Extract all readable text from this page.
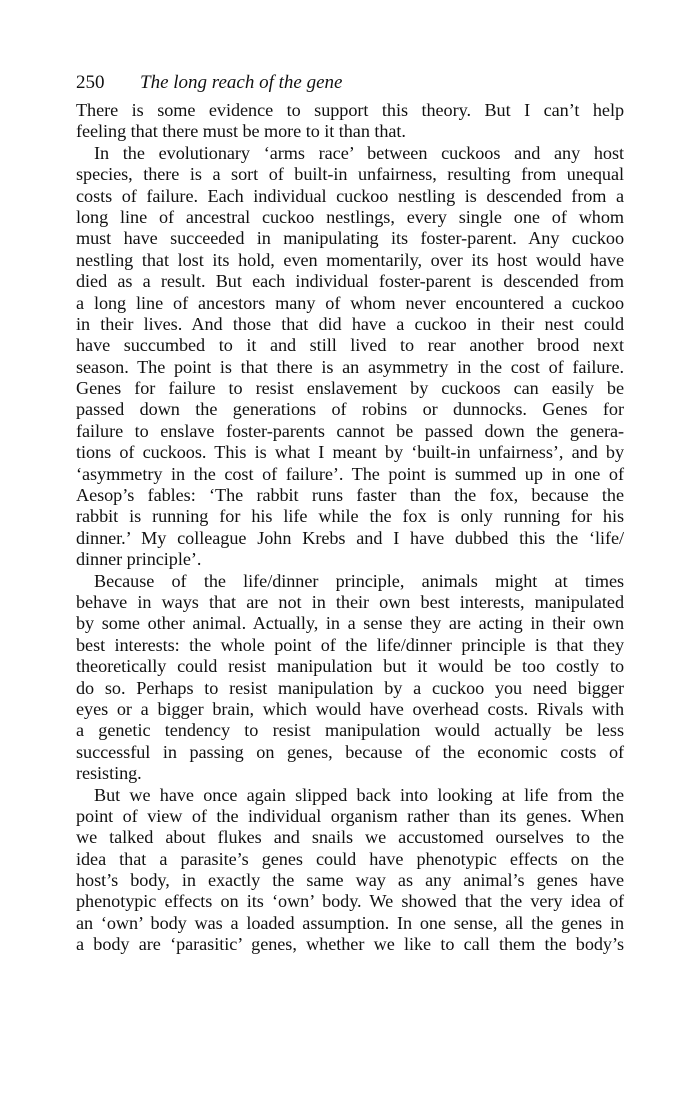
250 The long reach of the gene
There is some evidence to support this theory. But I can’t help
feeling that there must be more to it than that.
In the evolutionary ‘arms race’ between cuckoos and any host
species, there is a sort of built-in unfairness, resulting from unequal
costs of failure. Each individual cuckoo nestling is descended from a
long line of ancestral cuckoo nestlings, every single one of whom
must have succeeded in manipulating its foster-parent. Any cuckoo
nestling that lost its hold, even momentarily, over its host would have
died as a result. But each individual foster-parent is descended from
a long line of ancestors many of whom never encountered a cuckoo
in their lives. And those that did have a cuckoo in their nest could
have succumbed to it and still lived to rear another brood next
season. The point is that there is an asymmetry in the cost of failure.
Genes for failure to resist enslavement by cuckoos can easily be
passed down the generations of robins or dunnocks. Genes for
failure to enslave foster-parents cannot be passed down the genera-
tions of cuckoos. This is what I meant by ‘built-in unfairness’, and by
‘asymmetry in the cost of failure’. The point is summed up in one of
Aesop’s fables: ‘The rabbit runs faster than the fox, because the
rabbit is running for his life while the fox is only running for his
dinner.’ My colleague John Krebs and I have dubbed this the ‘life/
dinner principle’.
Because of the life/dinner principle, animals might at times
behave in ways that are not in their own best interests, manipulated
by some other animal. Actually, in a sense they are acting in their own
best interests: the whole point of the life/dinner principle is that they
theoretically could resist manipulation but it would be too costly to
do so. Perhaps to resist manipulation by a cuckoo you need bigger
eyes or a bigger brain, which would have overhead costs. Rivals with
a genetic tendency to resist manipulation would actually be less
successful in passing on genes, because of the economic costs of
resisting.
But we have once again slipped back into looking at life from the
point of view of the individual organism rather than its genes. When
we talked about flukes and snails we accustomed ourselves to the
idea that a parasite’s genes could have phenotypic effects on the
host’s body, in exactly the same way as any animal’s genes have
phenotypic effects on its ‘own’ body. We showed that the very idea of
an ‘own’ body was a loaded assumption. In one sense, all the genes in
a body are ‘parasitic’ genes, whether we like to call them the body’s
